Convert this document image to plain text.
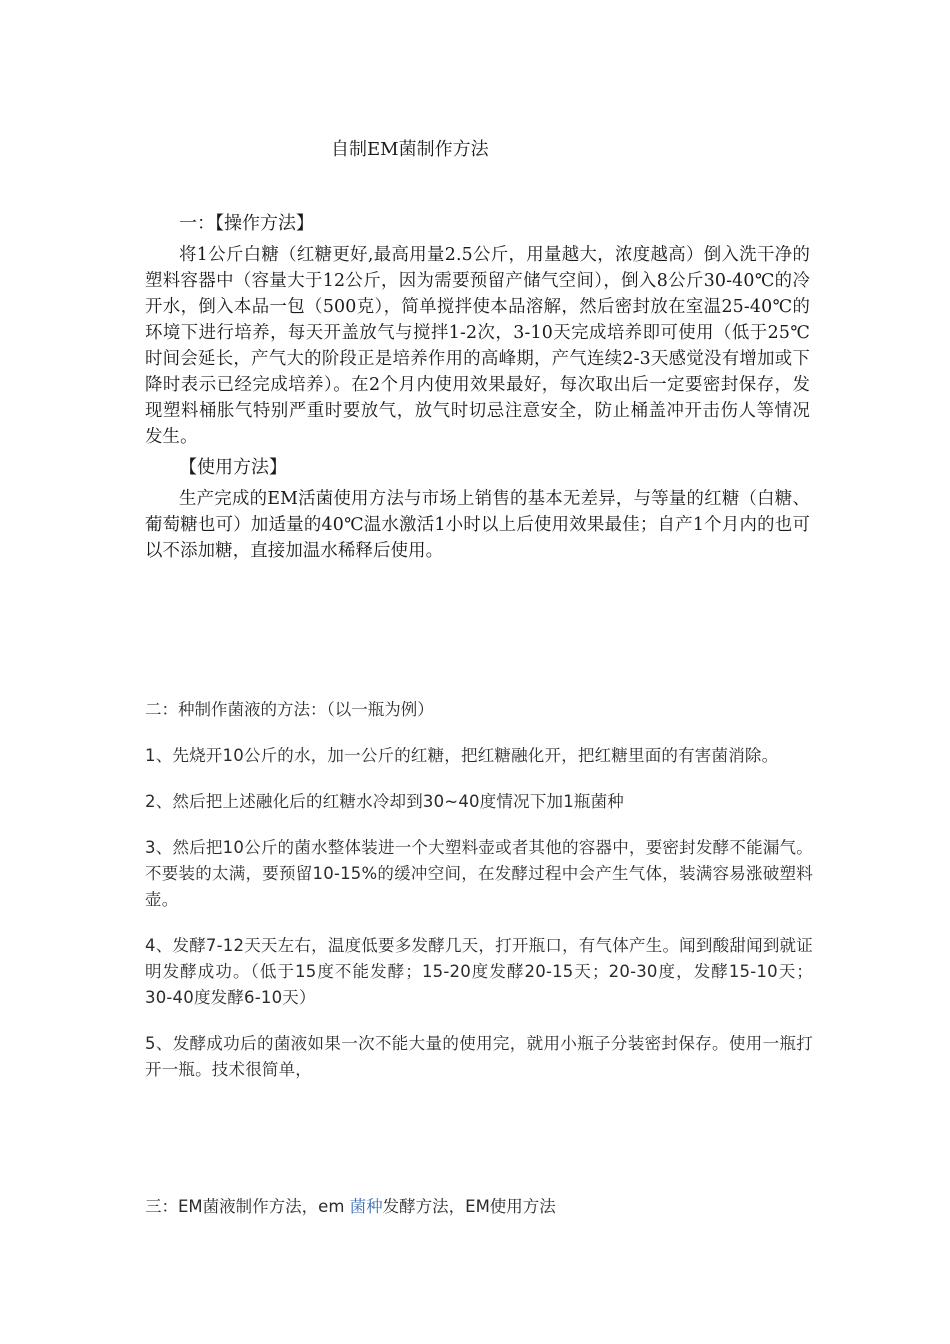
自制EM菌制作方法
一：【操作方法】

将1公斤白糖（红糖更好,最高用量2.5公斤，用量越大，浓度越高）倒入洗干净的塑料容器中（容量大于12公斤，因为需要预留产储气空间），倒入8公斤30-40℃的冷开水，倒入本品一包（500克），简单搅拌使本品溶解，然后密封放在室温25-40℃的环境下进行培养，每天开盖放气与搅拌1-2次，3-10天完成培养即可使用（低于25℃时间会延长，产气大的阶段正是培养作用的高峰期，产气连续2-3天感觉没有增加或下降时表示已经完成培养）。在2个月内使用效果最好，每次取出后一定要密封保存，发现塑料桶胀气特别严重时要放气，放气时切忌注意安全，防止桶盖冲开击伤人等情况发生。

【使用方法】

生产完成的EM活菌使用方法与市场上销售的基本无差异，与等量的红糖（白糖、葡萄糖也可）加适量的40℃温水激活1小时以上后使用效果最佳；自产1个月内的也可以不添加糖，直接加温水稀释后使用。

二：种制作菌液的方法：（以一瓶为例）

1、先烧开10公斤的水，加一公斤的红糖，把红糖融化开，把红糖里面的有害菌消除。

2、然后把上述融化后的红糖水冷却到30~40度情况下加1瓶菌种

3、然后把10公斤的菌水整体装进一个大塑料壶或者其他的容器中，要密封发酵不能漏气。不要装的太满，要预留10-15%的缓冲空间，在发酵过程中会产生气体，装满容易涨破塑料壶。

4、发酵7-12天天左右，温度低要多发酵几天，打开瓶口，有气体产生。闻到酸甜闻到就证明发酵成功。（低于15度不能发酵；15-20度发酵20-15天；20-30度，发酵15-10天；30-40度发酵6-10天）

5、发酵成功后的菌液如果一次不能大量的使用完，就用小瓶子分装密封保存。使用一瓶打开一瓶。技术很简单，

三：EM菌液制作方法，em 菌种发酵方法，EM使用方法
